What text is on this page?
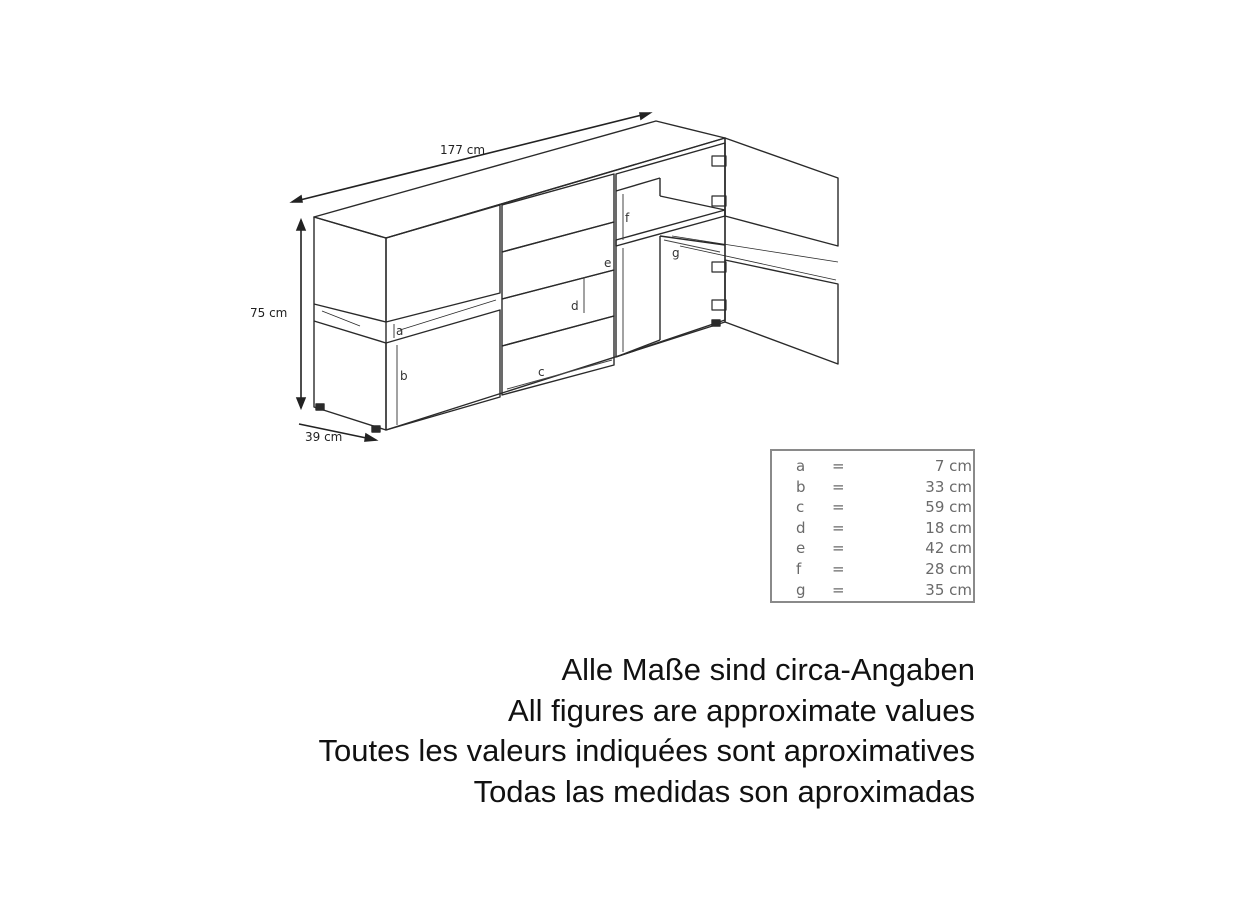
177 cm
75 cm
39 cm
a
b	c
d
e
f
g
a	=	7 cm
b	=	33 cm
c	=	59 cm
d	=	18 cm
e	=	42 cm
f	=	28 cm
g	=	35 cm
Alle Maße sind circa-Angaben
All figures are approximate values
Toutes les valeurs indiquées sont aproximatives
Todas las medidas son aproximadas
